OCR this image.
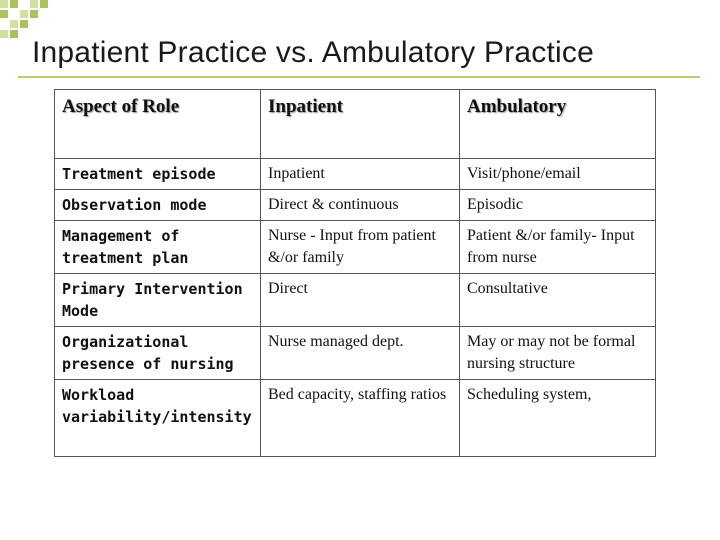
Inpatient Practice vs. Ambulatory Practice
Aspect of Role	Inpatient	Ambulatory
Treatment episode	Inpatient	Visit/phone/email
Observation mode	Direct & continuous	Episodic
Management of treatment plan	Nurse - Input from patient &/or family	Patient &/or family- Input from nurse
Primary Intervention Mode	Direct	Consultative
Organizational presence of nursing	Nurse managed dept.	May or may not be formal nursing structure
Workload variability/intensity	Bed capacity, staffing ratios	Scheduling system,
